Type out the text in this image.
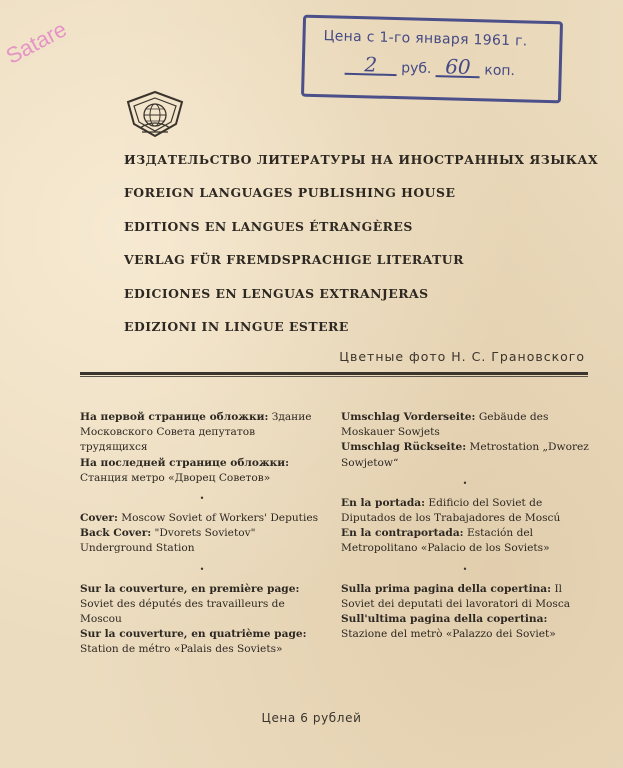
Satare	Цена с 1-го января 1961 г.
2 руб. 60 коп.
ИЗДАТЕЛЬСТВО ЛИТЕРАТУРЫ НА ИНОСТРАННЫХ ЯЗЫКАХ
FOREIGN LANGUAGES PUBLISHING HOUSE
EDITIONS EN LANGUES ÉTRANGÈRES
VERLAG FÜR FREMDSPRACHIGE LITERATUR
EDICIONES EN LENGUAS EXTRANJERAS
EDIZIONI IN LINGUE ESTERE
Цветные фото Н. С. Грановского

На первой странице обложки: Здание Московского Совета депутатов трудящихся

На последней странице обложки: Станция метро «Дворец Советов»

•

Cover: Moscow Soviet of Workers' Deputies

Back Cover: "Dvorets Sovietov" Underground Station

•

Sur la couverture, en première page: Soviet des députés des travailleurs de Moscou

Sur la couverture, en quatrième page: Station de métro «Palais des Soviets»

Umschlag Vorderseite: Gebäude des Moskauer Sowjets

Umschlag Rückseite: Metrostation „Dworez Sowjetow“

•

En la portada: Edificio del Soviet de Diputados de los Trabajadores de Moscú

En la contraportada: Estación del Metropolitano «Palacio de los Soviets»

•

Sulla prima pagina della copertina: Il Soviet dei deputati dei lavoratori di Mosca

Sull'ultima pagina della copertina: Stazione del metrò «Palazzo dei Soviet»

Цена 6 рублей
